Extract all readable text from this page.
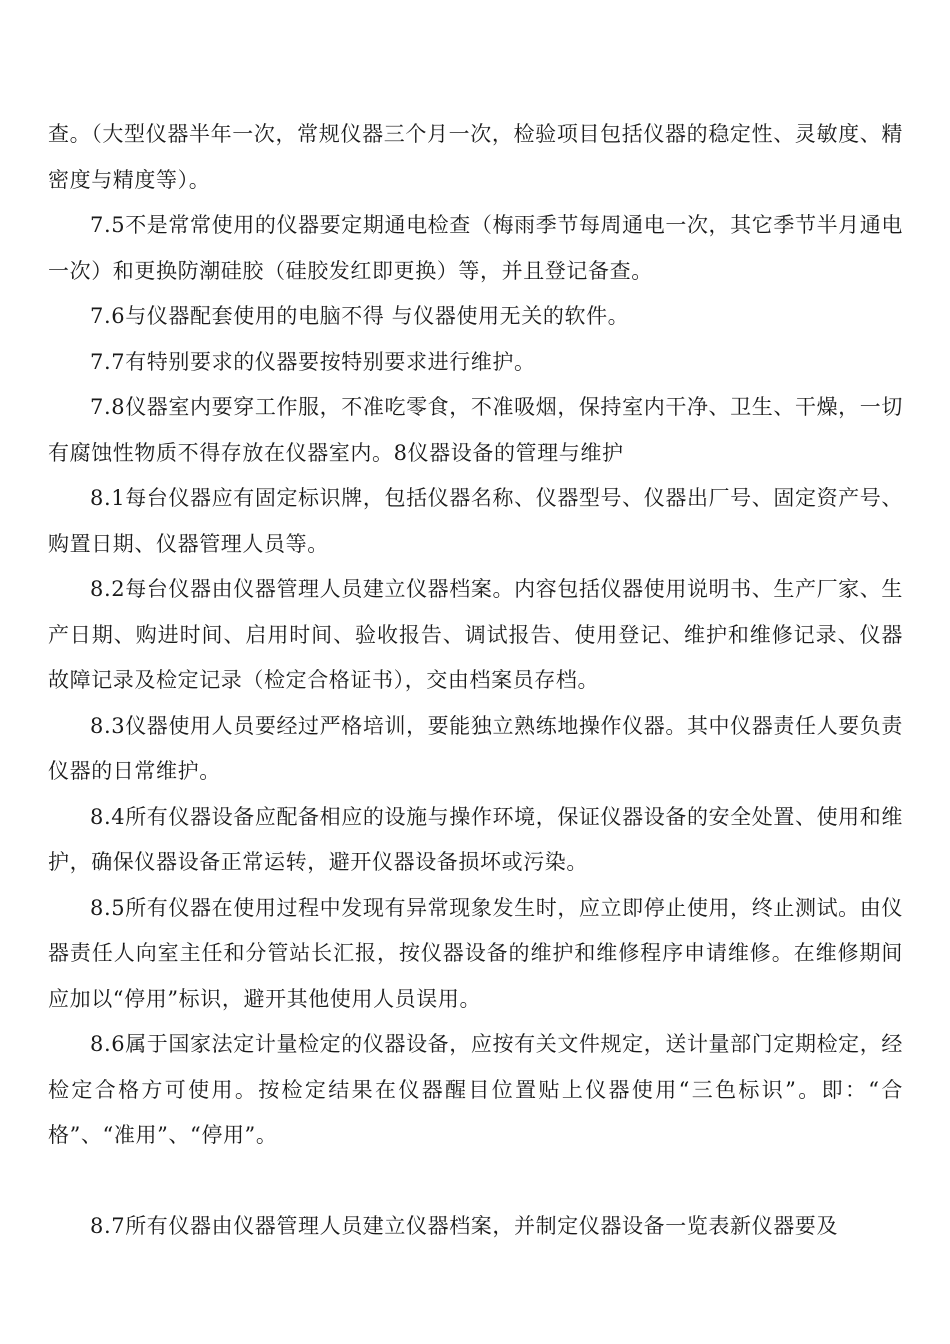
查。（大型仪器半年一次，常规仪器三个月一次，检验项目包括仪器的稳定性、灵敏度、精密度与精度等）。

7.5不是常常使用的仪器要定期通电检查（梅雨季节每周通电一次，其它季节半月通电一次）和更换防潮硅胶（硅胶发红即更换）等，并且登记备查。

7.6与仪器配套使用的电脑不得 与仪器使用无关的软件。

7.7有特别要求的仪器要按特别要求进行维护。

7.8仪器室内要穿工作服，不准吃零食，不准吸烟，保持室内干净、卫生、干燥，一切有腐蚀性物质不得存放在仪器室内。8仪器设备的管理与维护

8.1每台仪器应有固定标识牌，包括仪器名称、仪器型号、仪器出厂号、固定资产号、购置日期、仪器管理人员等。

8.2每台仪器由仪器管理人员建立仪器档案。内容包括仪器使用说明书、生产厂家、生产日期、购进时间、启用时间、验收报告、调试报告、使用登记、维护和维修记录、仪器故障记录及检定记录（检定合格证书），交由档案员存档。

8.3仪器使用人员要经过严格培训，要能独立熟练地操作仪器。其中仪器责任人要负责仪器的日常维护。

8.4所有仪器设备应配备相应的设施与操作环境，保证仪器设备的安全处置、使用和维护，确保仪器设备正常运转，避开仪器设备损坏或污染。

8.5所有仪器在使用过程中发现有异常现象发生时，应立即停止使用，终止测试。由仪器责任人向室主任和分管站长汇报，按仪器设备的维护和维修程序申请维修。在维修期间应加以“停用”标识，避开其他使用人员误用。

8.6属于国家法定计量检定的仪器设备，应按有关文件规定，送计量部门定期检定，经检定合格方可使用。按检定结果在仪器醒目位置贴上仪器使用“三色标识”。即：“合格”、“准用”、“停用”。

8.7所有仪器由仪器管理人员建立仪器档案，并制定仪器设备一览表新仪器要及
